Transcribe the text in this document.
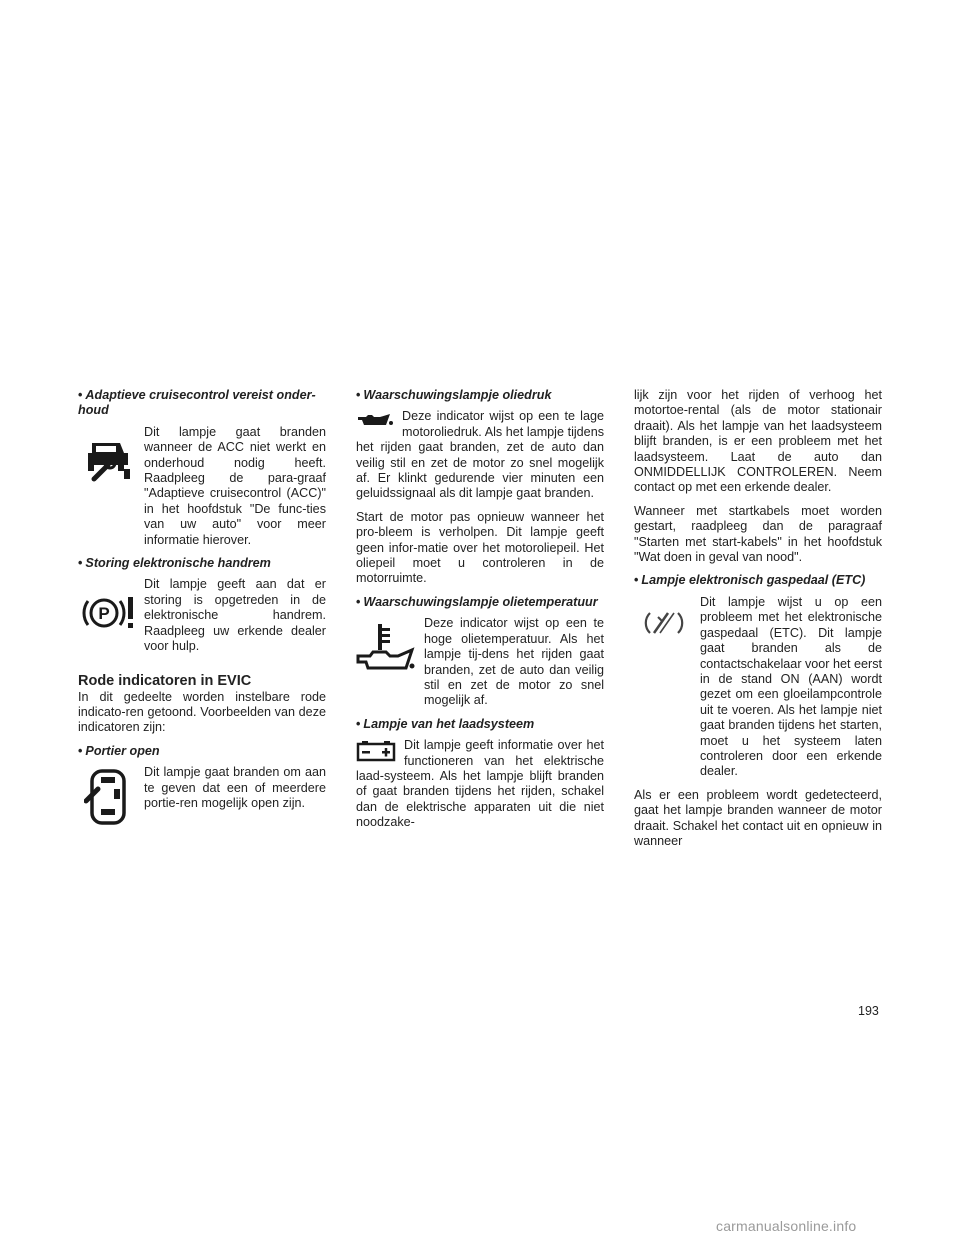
• Adaptieve cruisecontrol vereist onder-houd

Dit lampje gaat branden wanneer de ACC niet werkt en onderhoud nodig heeft. Raadpleeg de para-graaf "Adaptieve cruisecontrol (ACC)" in het hoofdstuk "De func-ties van uw auto" voor meer informatie hierover.

• Storing elektronische handrem
P

Dit lampje geeft aan dat er storing is opgetreden in de elektronische handrem. Raadpleeg uw erkende dealer voor hulp.

Rode indicatoren in EVIC

In dit gedeelte worden instelbare rode indicato-ren getoond. Voorbeelden van deze indicatoren zijn:

• Portier open

Dit lampje gaat branden om aan te geven dat een of meerdere portie-ren mogelijk open zijn.

• Waarschuwingslampje oliedruk

Deze indicator wijst op een te lage motoroliedruk. Als het lampje tijdens het rijden gaat branden, zet de auto dan veilig stil en zet de motor zo snel mogelijk af. Er klinkt gedurende vier minuten een geluidssignaal als dit lampje gaat branden.

Start de motor pas opnieuw wanneer het pro-bleem is verholpen. Dit lampje geeft geen infor-matie over het motoroliepeil. Het oliepeil moet u controleren in de motorruimte.

• Waarschuwingslampje olietemperatuur

Deze indicator wijst op een te hoge olietemperatuur. Als het lampje tij-dens het rijden gaat branden, zet de auto dan veilig stil en zet de motor zo snel mogelijk af.

• Lampje van het laadsysteem

Dit lampje geeft informatie over het functioneren van het elektrische laad-systeem. Als het lampje blijft branden of gaat branden tijdens het rijden, schakel dan de elektrische apparaten uit die niet noodzake-

lijk zijn voor het rijden of verhoog het motortoe-rental (als de motor stationair draait). Als het lampje van het laadsysteem blijft branden, is er een probleem met het laadsysteem. Laat de auto dan ONMIDDELLIJK CONTROLEREN. Neem contact op met een erkende dealer.

Wanneer met startkabels moet worden gestart, raadpleeg dan de paragraaf "Starten met start-kabels" in het hoofdstuk "Wat doen in geval van nood".

• Lampje elektronisch gaspedaal (ETC)

Dit lampje wijst u op een probleem met het elektronische gaspedaal (ETC). Dit lampje gaat branden als de contactschakelaar voor het eerst in de stand ON (AAN) wordt gezet om een gloeilampcontrole uit te voeren. Als het lampje niet gaat branden tijdens het starten, moet u het systeem laten controleren door een erkende dealer.

Als er een probleem wordt gedetecteerd, gaat het lampje branden wanneer de motor draait. Schakel het contact uit en opnieuw in wanneer

193
carmanualsonline.info
